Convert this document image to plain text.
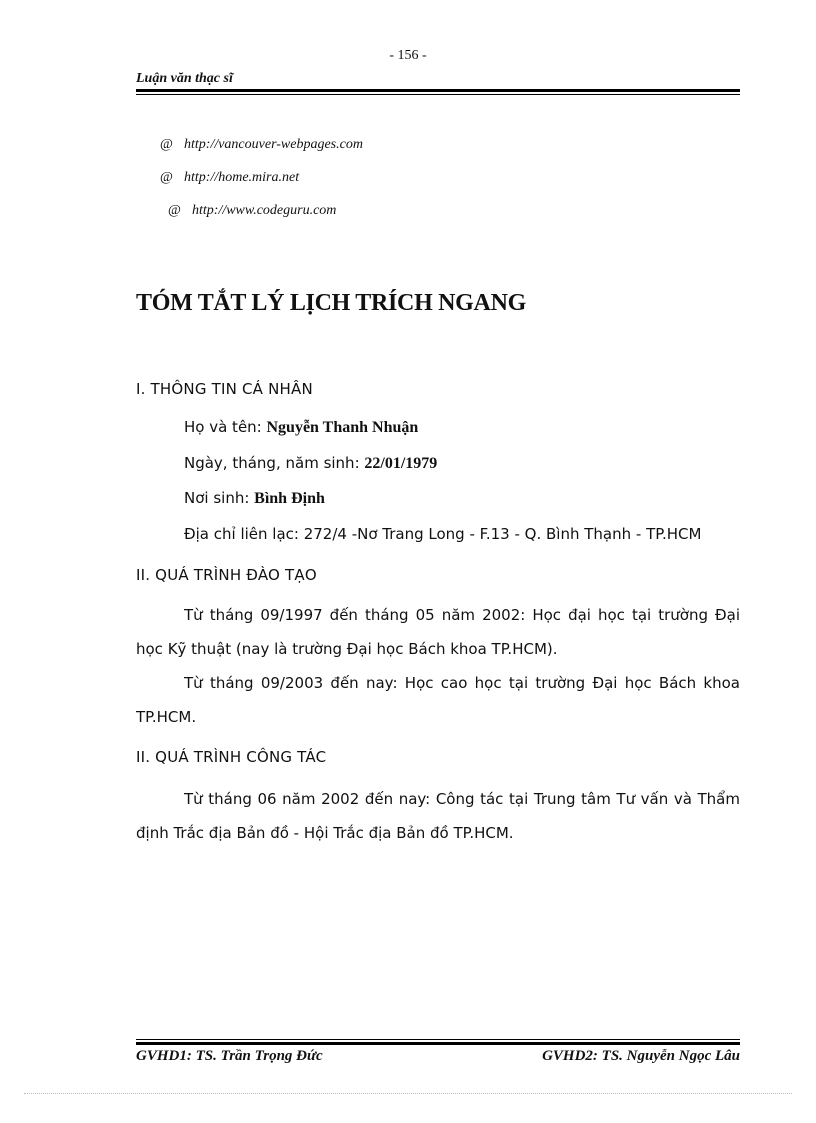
- 156 -
Luận văn thạc sĩ
@ http://vancouver-webpages.com
@ http://home.mira.net
@ http://www.codeguru.com
TÓM TẮT LÝ LỊCH TRÍCH NGANG
I. THÔNG TIN CÁ NHÂN
Họ và tên: Nguyễn Thanh Nhuận
Ngày, tháng, năm sinh: 22/01/1979
Nơi sinh: Bình Định
Địa chỉ liên lạc: 272/4 -Nơ Trang Long - F.13 - Q. Bình Thạnh - TP.HCM
II. QUÁ TRÌNH ĐÀO TẠO
Từ tháng 09/1997 đến tháng 05 năm 2002: Học đại học tại trường Đại học Kỹ thuật (nay là trường Đại học Bách khoa TP.HCM).
Từ tháng 09/2003 đến nay: Học cao học tại trường Đại học Bách khoa TP.HCM.
II. QUÁ TRÌNH CÔNG TÁC
Từ tháng 06 năm 2002 đến nay: Công tác tại Trung tâm Tư vấn và Thẩm định Trắc địa Bản đồ - Hội Trắc địa Bản đồ TP.HCM.
GVHD1: TS. Trần Trọng Đức	GVHD2: TS. Nguyễn Ngọc Lâu
